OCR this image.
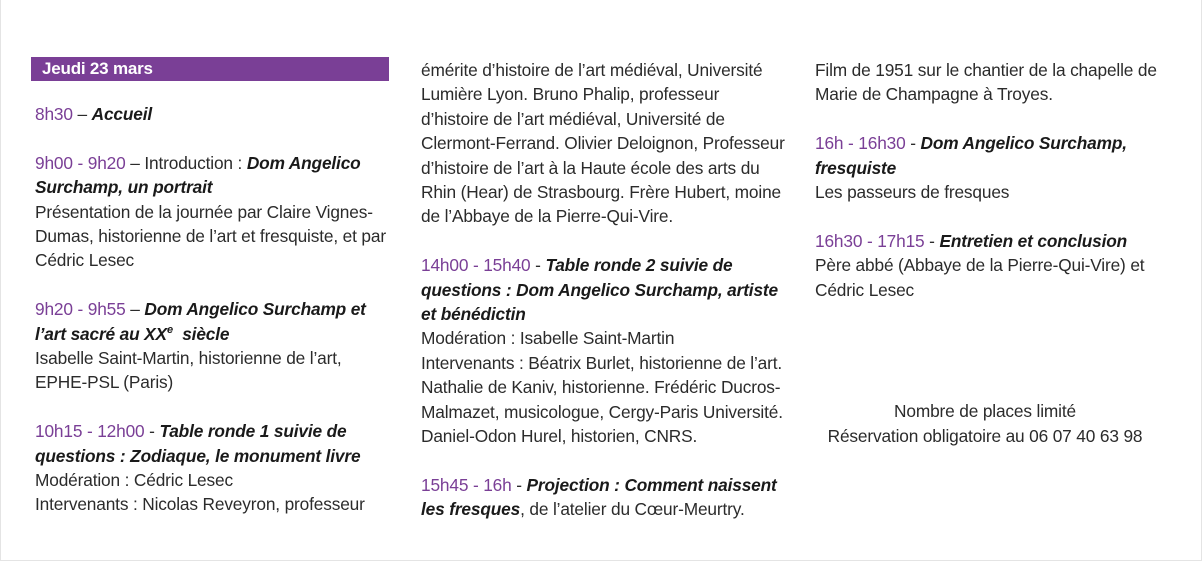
Jeudi 23 mars

8h30 – Accueil

9h00 - 9h20 – Introduction : Dom Angelico Surchamp, un portrait

Présentation de la journée par Claire Vignes-Dumas, historienne de l’art et fresquiste, et par Cédric Lesec

9h20 - 9h55 – Dom Angelico Surchamp et l’art sacré au XXe  siècle

Isabelle Saint-Martin, historienne de l’art, EPHE-PSL (Paris)

10h15 - 12h00 - Table ronde 1 suivie de questions : Zodiaque, le monument livre

Modération : Cédric Lesec

Intervenants : Nicolas Reveyron, professeur

émérite d’histoire de l’art médiéval, Université Lumière Lyon. Bruno Phalip, professeur d’histoire de l’art médiéval, Université de Clermont-Ferrand. Olivier Deloignon, Professeur d’histoire de l’art à la Haute école des arts du Rhin (Hear) de Strasbourg. Frère Hubert, moine de l’Abbaye de la Pierre-Qui-Vire.

14h00 - 15h40 - Table ronde 2 suivie de questions : Dom Angelico Surchamp, artiste et bénédictin

Modération : Isabelle Saint-Martin

Intervenants : Béatrix Burlet, historienne de l’art. Nathalie de Kaniv, historienne. Frédéric Ducros-Malmazet, musicologue, Cergy-Paris Université. Daniel-Odon Hurel, historien, CNRS.

15h45 - 16h - Projection : Comment naissent les fresques, de l’atelier du Cœur-Meurtry.

Film de 1951 sur le chantier de la chapelle de Marie de Champagne à Troyes.

16h - 16h30 - Dom Angelico Surchamp, fresquiste

Les passeurs de fresques

16h30 - 17h15 - Entretien et conclusion

Père abbé (Abbaye de la Pierre-Qui-Vire) et Cédric Lesec

Nombre de places limité

Réservation obligatoire au 06 07 40 63 98
